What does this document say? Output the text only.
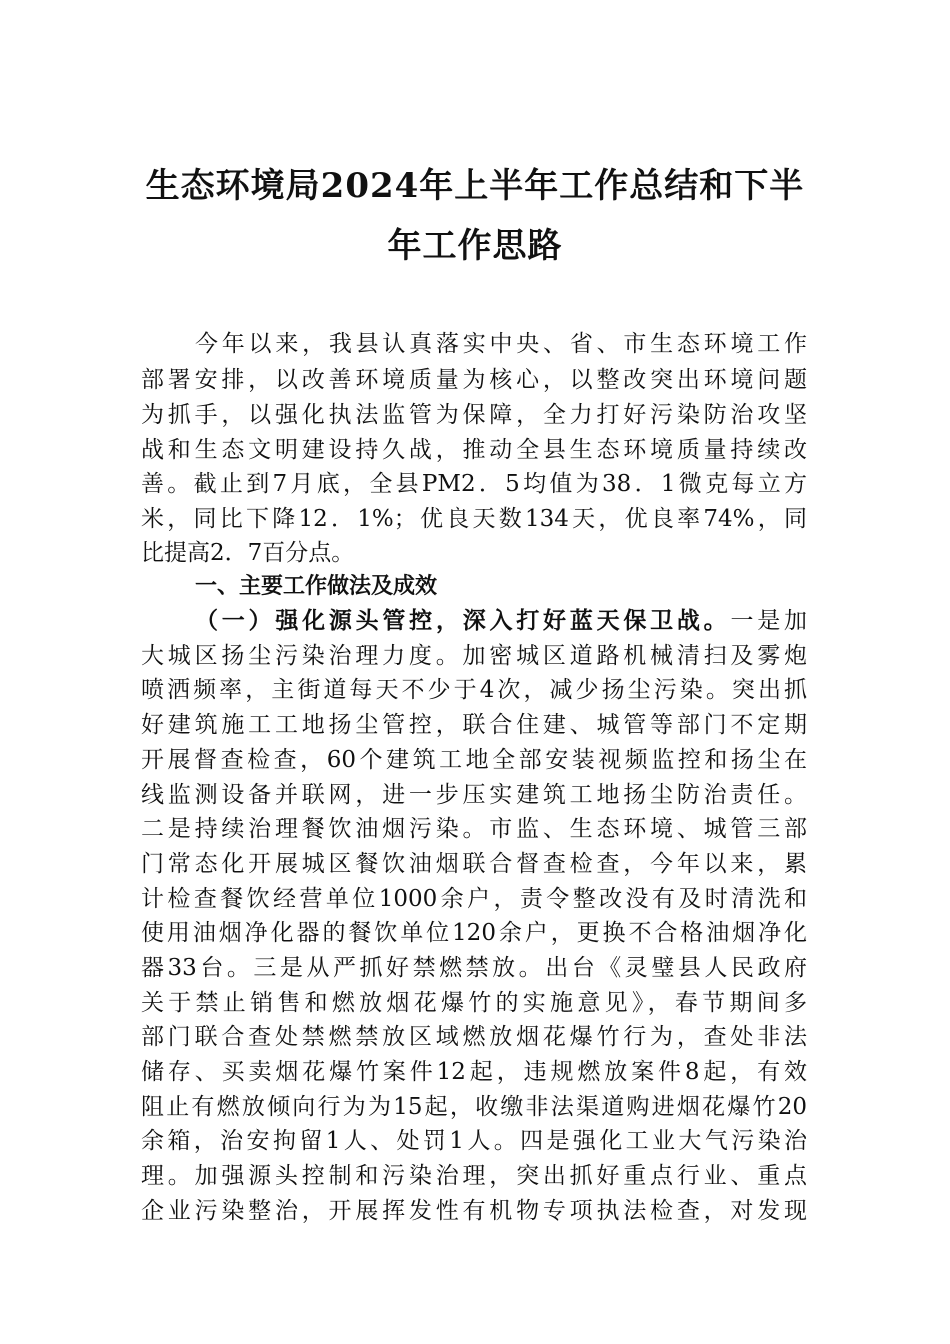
生态环境局2024年上半年工作总结和下半
年工作思路
今年以来，我县认真落实中央、省、市生态环境工作
部署安排，以改善环境质量为核心，以整改突出环境问题
为抓手，以强化执法监管为保障，全力打好污染防治攻坚
战和生态文明建设持久战，推动全县生态环境质量持续改
善。截止到7月底，全县PM2．5均值为38．1微克每立方
米，同比下降12．1%；优良天数134天，优良率74%，同
比提高2．7百分点。
一、主要工作做法及成效
（一）强化源头管控，深入打好蓝天保卫战。一是加
大城区扬尘污染治理力度。加密城区道路机械清扫及雾炮
喷洒频率，主街道每天不少于4次，减少扬尘污染。突出抓
好建筑施工工地扬尘管控，联合住建、城管等部门不定期
开展督查检查，60个建筑工地全部安装视频监控和扬尘在
线监测设备并联网，进一步压实建筑工地扬尘防治责任。
二是持续治理餐饮油烟污染。市监、生态环境、城管三部
门常态化开展城区餐饮油烟联合督查检查，今年以来，累
计检查餐饮经营单位1000余户，责令整改没有及时清洗和
使用油烟净化器的餐饮单位120余户，更换不合格油烟净化
器33台。三是从严抓好禁燃禁放。出台《灵璧县人民政府
关于禁止销售和燃放烟花爆竹的实施意见》，春节期间多
部门联合查处禁燃禁放区域燃放烟花爆竹行为，查处非法
储存、买卖烟花爆竹案件12起，违规燃放案件8起，有效
阻止有燃放倾向行为为15起，收缴非法渠道购进烟花爆竹20
余箱，治安拘留1人、处罚1人。四是强化工业大气污染治
理。加强源头控制和污染治理，突出抓好重点行业、重点
企业污染整治，开展挥发性有机物专项执法检查，对发现
